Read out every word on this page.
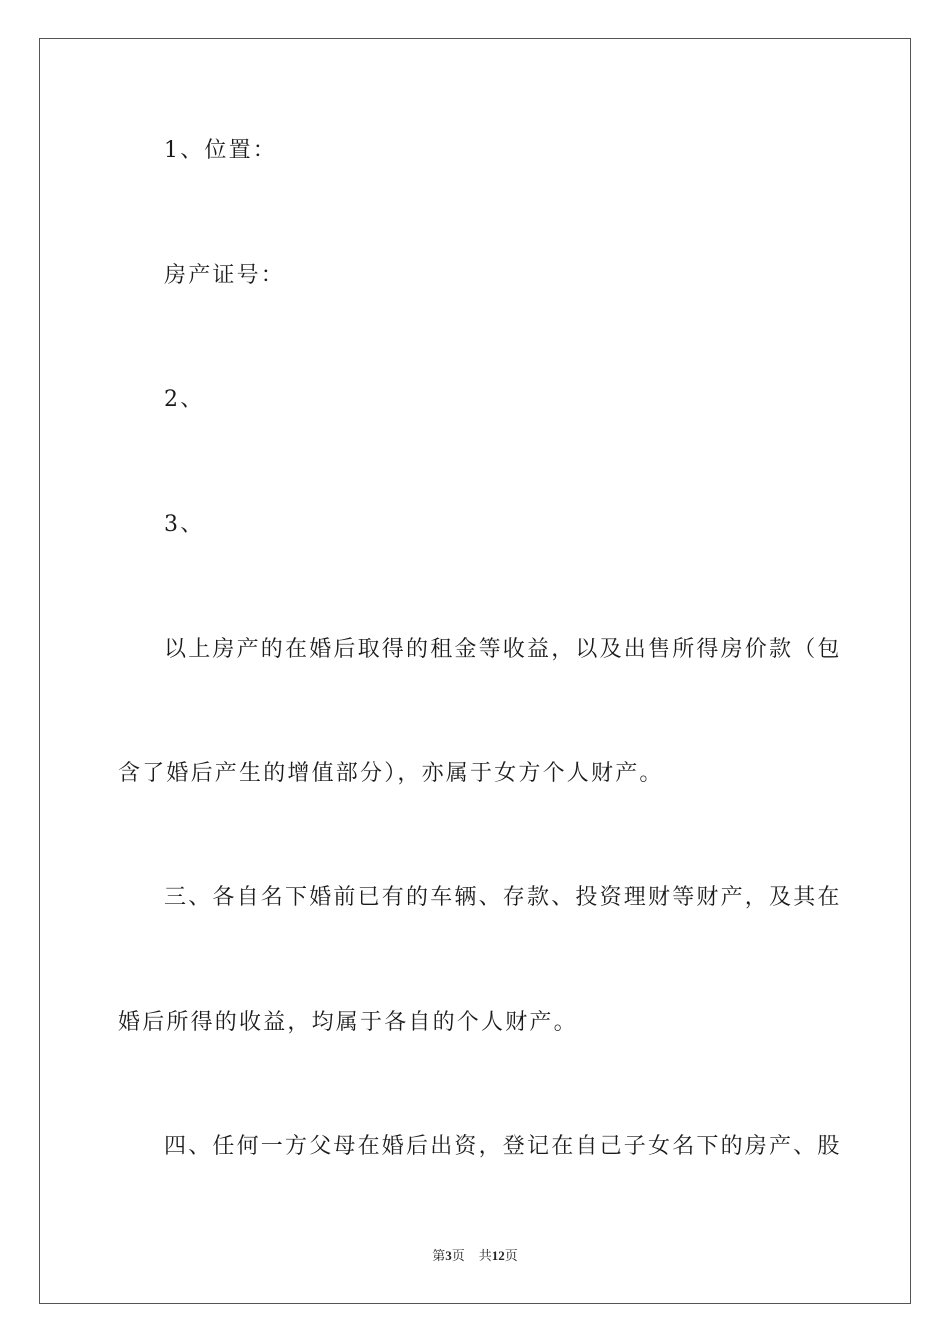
1、位置：
房产证号：
2、
3、
以上房产的在婚后取得的租金等收益，以及出售所得房价款（包
含了婚后产生的增值部分），亦属于女方个人财产。
三、各自名下婚前已有的车辆、存款、投资理财等财产，及其在
婚后所得的收益，均属于各自的个人财产。
四、任何一方父母在婚后出资，登记在自己子女名下的房产、股
第3页 共12页
